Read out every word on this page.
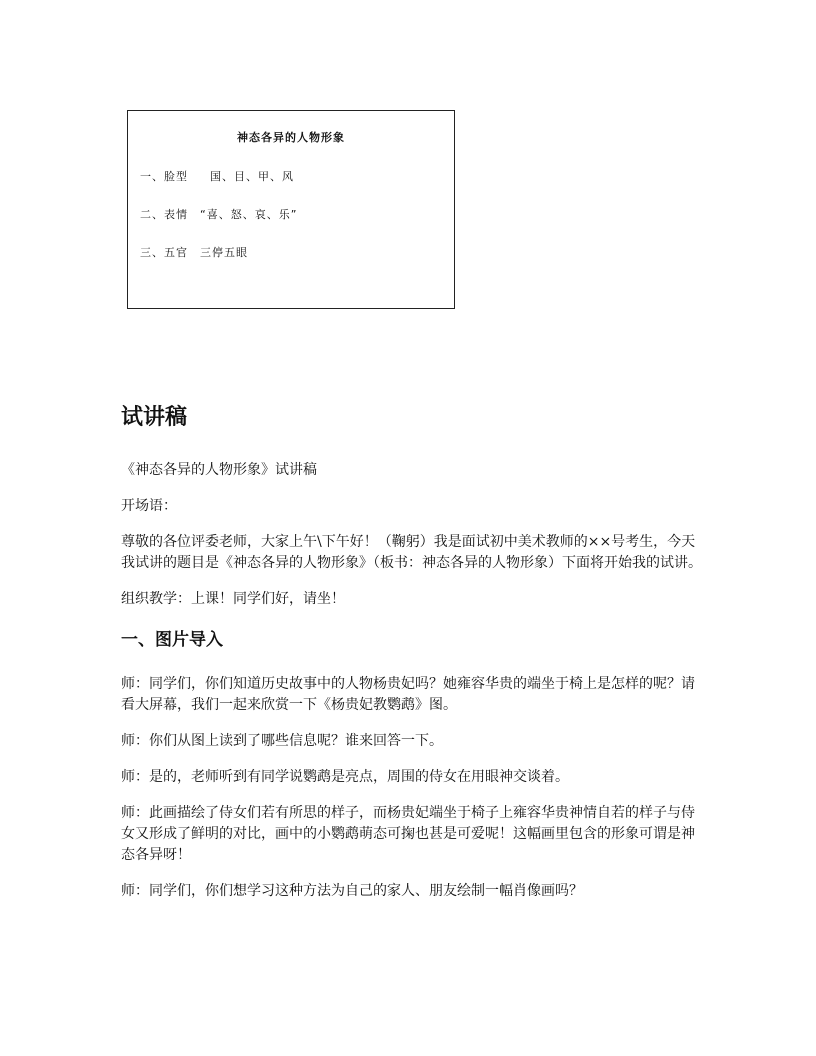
神态各异的人物形象
一、脸型 国、目、甲、风
二、表情 “喜、怒、哀、乐”
三、五官 三停五眼
试讲稿

《神态各异的人物形象》试讲稿

开场语：

尊敬的各位评委老师，大家上午\下午好！（鞠躬）我是面试初中美术教师的××号考生，今天我试讲的题目是《神态各异的人物形象》（板书：神态各异的人物形象）下面将开始我的试讲。

组织教学：上课！同学们好，请坐！

一、图片导入

师：同学们，你们知道历史故事中的人物杨贵妃吗？她雍容华贵的端坐于椅上是怎样的呢？请看大屏幕，我们一起来欣赏一下《杨贵妃教鹦鹉》图。

师：你们从图上读到了哪些信息呢？谁来回答一下。

师：是的，老师听到有同学说鹦鹉是亮点，周围的侍女在用眼神交谈着。

师：此画描绘了侍女们若有所思的样子，而杨贵妃端坐于椅子上雍容华贵神情自若的样子与侍女又形成了鲜明的对比，画中的小鹦鹉萌态可掬也甚是可爱呢！这幅画里包含的形象可谓是神态各异呀！

师：同学们，你们想学习这种方法为自己的家人、朋友绘制一幅肖像画吗？
